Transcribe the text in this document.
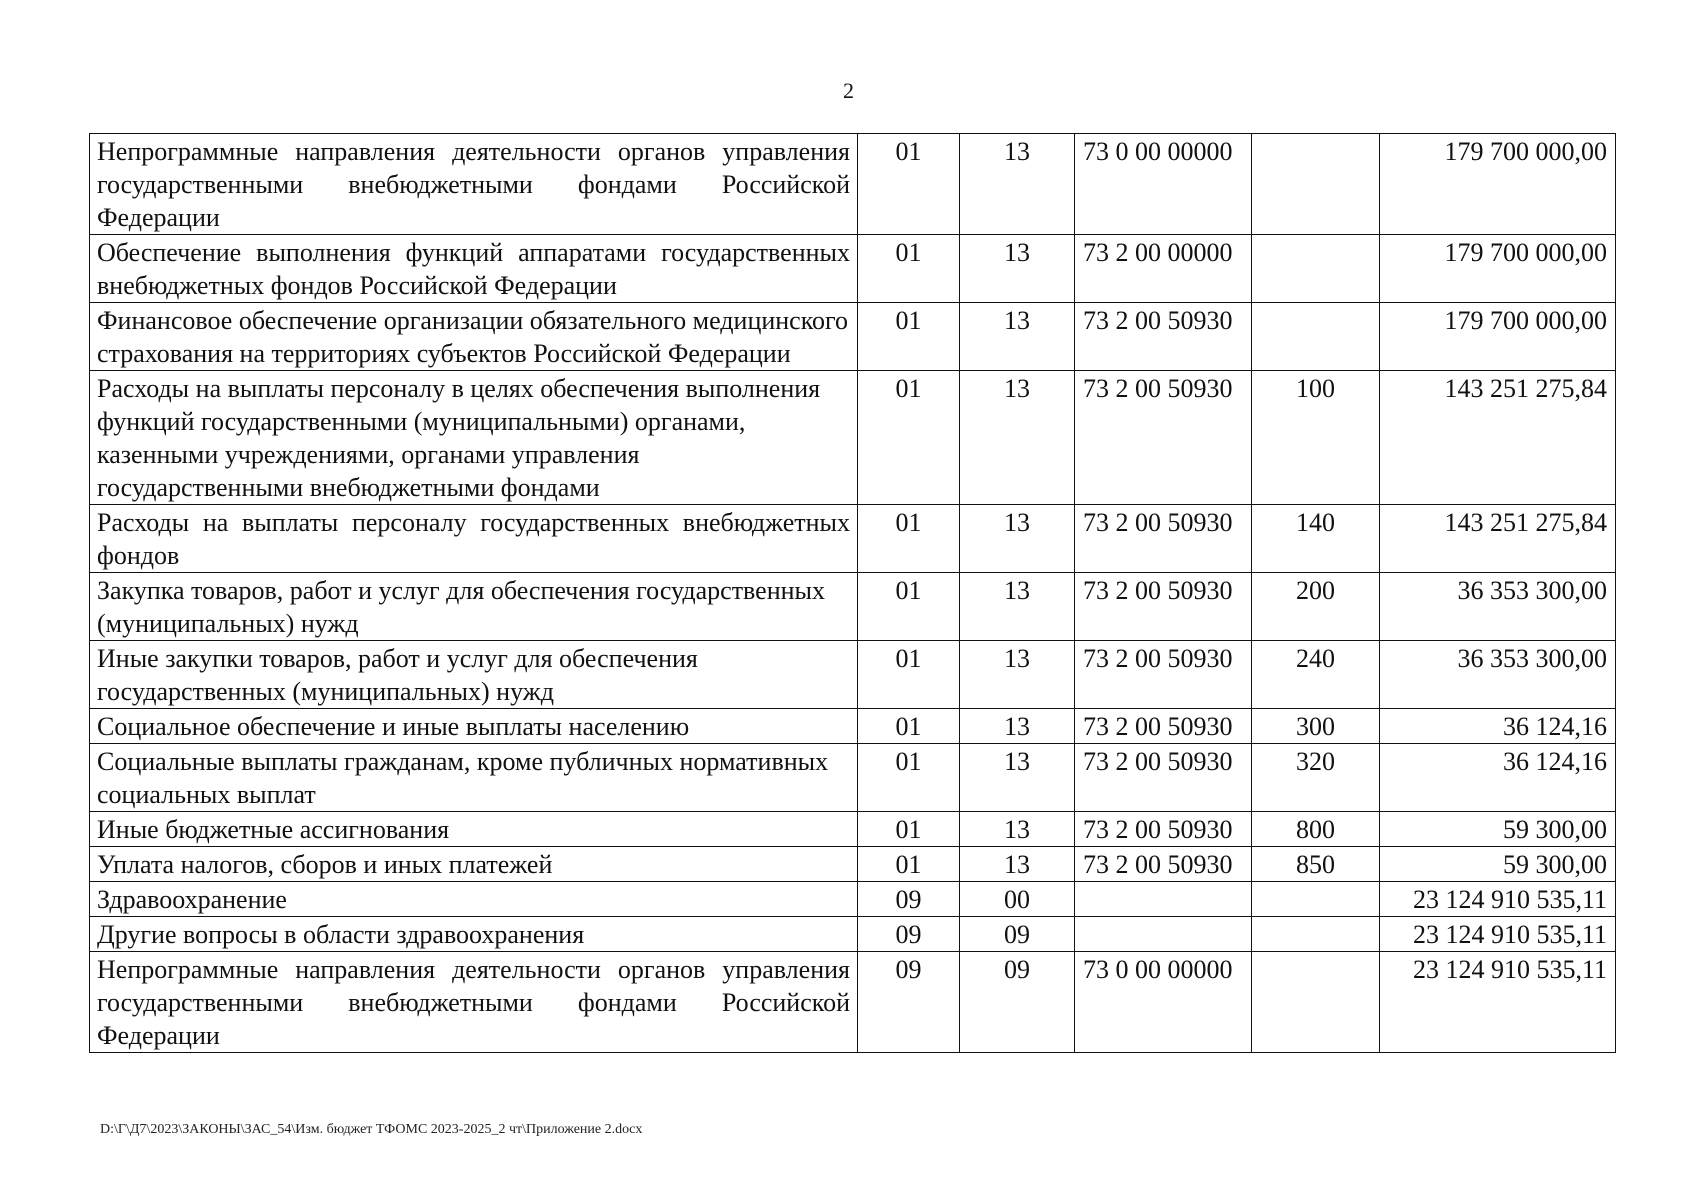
2
Непрограммные направления деятельности органов управления государственными внебюджетными фондами Российской Федерации	01	13	73 0 00 00000		179 700 000,00
Обеспечение выполнения функций аппаратами государственных внебюджетных фондов Российской Федерации	01	13	73 2 00 00000		179 700 000,00
Финансовое обеспечение организации обязательного медицинского страхования на территориях субъектов Российской Федерации	01	13	73 2 00 50930		179 700 000,00
Расходы на выплаты персоналу в целях обеспечения выполнения функций государственными (муниципальными) органами, казенными учреждениями, органами управления государственными внебюджетными фондами	01	13	73 2 00 50930	100	143 251 275,84
Расходы на выплаты персоналу государственных внебюджетных фондов	01	13	73 2 00 50930	140	143 251 275,84
Закупка товаров, работ и услуг для обеспечения государственных (муниципальных) нужд	01	13	73 2 00 50930	200	36 353 300,00
Иные закупки товаров, работ и услуг для обеспечения государственных (муниципальных) нужд	01	13	73 2 00 50930	240	36 353 300,00
Социальное обеспечение и иные выплаты населению	01	13	73 2 00 50930	300	36 124,16
Социальные выплаты гражданам, кроме публичных нормативных социальных выплат	01	13	73 2 00 50930	320	36 124,16
Иные бюджетные ассигнования	01	13	73 2 00 50930	800	59 300,00
Уплата налогов, сборов и иных платежей	01	13	73 2 00 50930	850	59 300,00
Здравоохранение	09	00			23 124 910 535,11
Другие вопросы в области здравоохранения	09	09			23 124 910 535,11
Непрограммные направления деятельности органов управления государственными внебюджетными фондами Российской Федерации	09	09	73 0 00 00000		23 124 910 535,11
D:\Г\Д7\2023\ЗАКОНЫ\ЗАС_54\Изм. бюджет ТФОМС 2023-2025_2 чт\Приложение 2.docx
